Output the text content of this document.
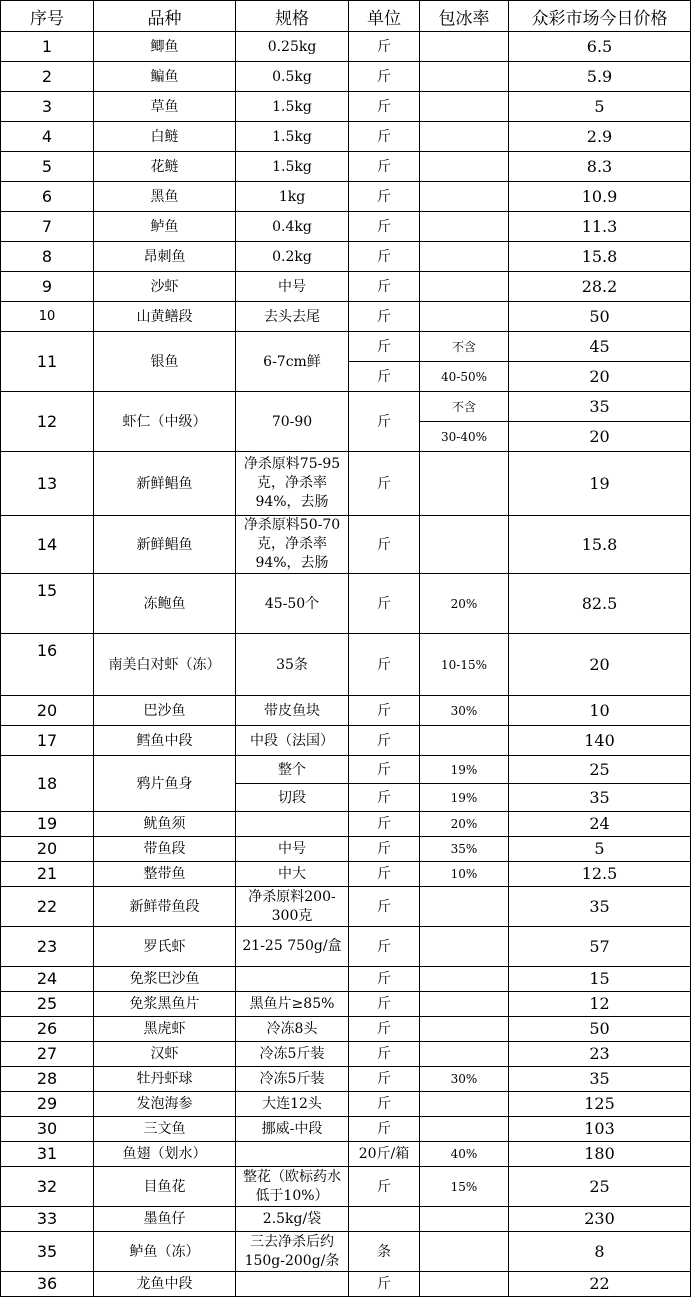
序号	品种	规格	单位	包冰率	众彩市场今日价格
1	鲫鱼	0.25kg	斤		6.5
2	鳊鱼	0.5kg	斤		5.9
3	草鱼	1.5kg	斤		5
4	白鲢	1.5kg	斤		2.9
5	花鲢	1.5kg	斤		8.3
6	黑鱼	1kg	斤		10.9
7	鲈鱼	0.4kg	斤		11.3
8	昂刺鱼	0.2kg	斤		15.8
9	沙虾	中号	斤		28.2
10	山黄鳝段	去头去尾	斤		50
11	银鱼	6-7cm鲜	斤	不含	45
			斤	40-50%	20
12	虾仁（中级）	70-90	斤	不含	35
				30-40%	20
13	新鲜鲳鱼	净杀原料75-95克，净杀率94%，去肠	斤		19
14	新鲜鲳鱼	净杀原料50-70克，净杀率94%，去肠	斤		15.8
15	冻鲍鱼	45-50个	斤	20%	82.5
16	南美白对虾（冻）	35条	斤	10-15%	20
20	巴沙鱼	带皮鱼块	斤	30%	10
17	鳕鱼中段	中段（法国）	斤		140
18	鸦片鱼身	整个	斤	19%	25
		切段	斤	19%	35
19	鱿鱼须		斤	20%	24
20	带鱼段	中号	斤	35%	5
21	整带鱼	中大	斤	10%	12.5
22	新鲜带鱼段	净杀原料200-300克	斤		35
23	罗氏虾	21-25 750g/盒	斤		57
24	免浆巴沙鱼		斤		15
25	免浆黑鱼片	黑鱼片≥85%	斤		12
26	黑虎虾	冷冻8头	斤		50
27	汉虾	冷冻5斤装	斤		23
28	牡丹虾球	冷冻5斤装	斤	30%	35
29	发泡海参	大连12头	斤		125
30	三文鱼	挪威-中段	斤		103
31	鱼翅（划水）		20斤/箱	40%	180
32	目鱼花	整花（欧标药水低于10%）	斤	15%	25
33	墨鱼仔	2.5kg/袋			230
35	鲈鱼（冻）	三去净杀后约150g-200g/条	条		8
36	龙鱼中段		斤		22
